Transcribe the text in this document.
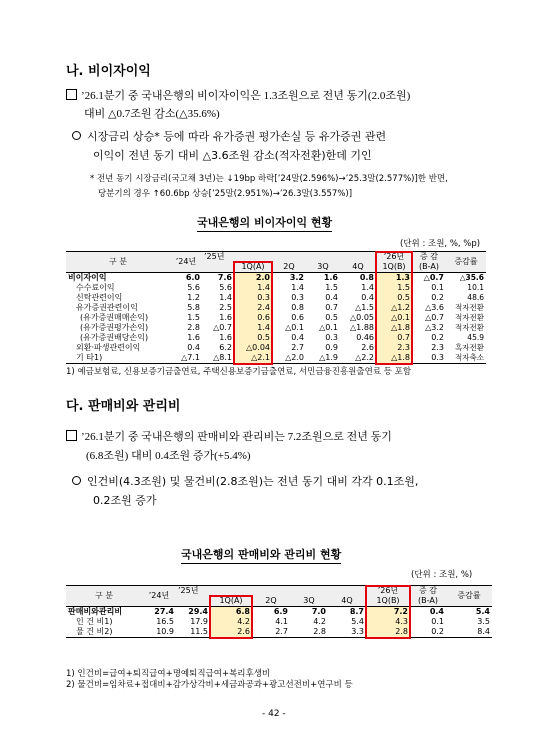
나. 비이자이익
’26.1분기 중 국내은행의 비이자이익은 1.3조원으로 전년 동기(2.0조원)
대비 △0.7조원 감소(△35.6%)
시장금리 상승* 등에 따라 유가증권 평가손실 등 유가증권 관련
이익이 전년 동기 대비 △3.6조원 감소(적자전환)한데 기인
* 전년 동기 시장금리(국고채 3년)는 ↓19bp 하락[’24말(2.596%)→’25.3말(2.577%)]한 반면,
당분기의 경우 ↑60.6bp 상승[’25말(2.951%)→’26.3말(3.557%)]
국내은행의 비이자이익 현황
(단위 : 조원, %, %p)
구 분	’24년	’25년					’26년	증 감	증감률
			1Q(A)	2Q	3Q	4Q	1Q(B)	(B-A)	
비이자이익	6.0	7.6	2.0	3.2	1.6	0.8	1.3	△0.7	△35.6
수수료이익	5.6	5.6	1.4	1.4	1.5	1.4	1.5	0.1	10.1
신탁관련이익	1.2	1.4	0.3	0.3	0.4	0.4	0.5	0.2	48.6
유가증권관련이익	5.8	2.5	2.4	0.8	0.7	△1.5	△1.2	△3.6	적자전환
(유가증권매매손익)	1.5	1.6	0.6	0.6	0.5	△0.05	△0.1	△0.7	적자전환
(유가증권평가손익)	2.8	△0.7	1.4	△0.1	△0.1	△1.88	△1.8	△3.2	적자전환
(유가증권배당손익)	1.6	1.6	0.5	0.4	0.3	0.46	0.7	0.2	45.9
외환·파생관련이익	0.4	6.2	△0.04	2.7	0.9	2.6	2.3	2.3	흑자전환
기 타1)	△7.1	△8.1	△2.1	△2.0	△1.9	△2.2	△1.8	0.3	적자축소
1) 예금보험료, 신용보증기금출연료, 주택신용보증기금출연료, 서민금융진흥원출연료 등 포함
다. 판매비와 관리비
’26.1분기 중 국내은행의 판매비와 관리비는 7.2조원으로 전년 동기
(6.8조원) 대비 0.4조원 증가(+5.4%)
인건비(4.3조원) 및 물건비(2.8조원)는 전년 동기 대비 각각 0.1조원,
0.2조원 증가
국내은행의 판매비와 관리비 현황
(단위 : 조원, %)
구 분	’24년	’25년					’26년	증 감	증감률
			1Q(A)	2Q	3Q	4Q	1Q(B)	(B-A)	
판매비와관리비	27.4	29.4	6.8	6.9	7.0	8.7	7.2	0.4	5.4
인 건 비1)	16.5	17.9	4.2	4.1	4.2	5.4	4.3	0.1	3.5
물 건 비2)	10.9	11.5	2.6	2.7	2.8	3.3	2.8	0.2	8.4
1) 인건비=급여+퇴직급여+명예퇴직급여+복리후생비
2) 물건비=임차료+접대비+감가상각비+세금과공과+광고선전비+연구비 등
- 42 -
